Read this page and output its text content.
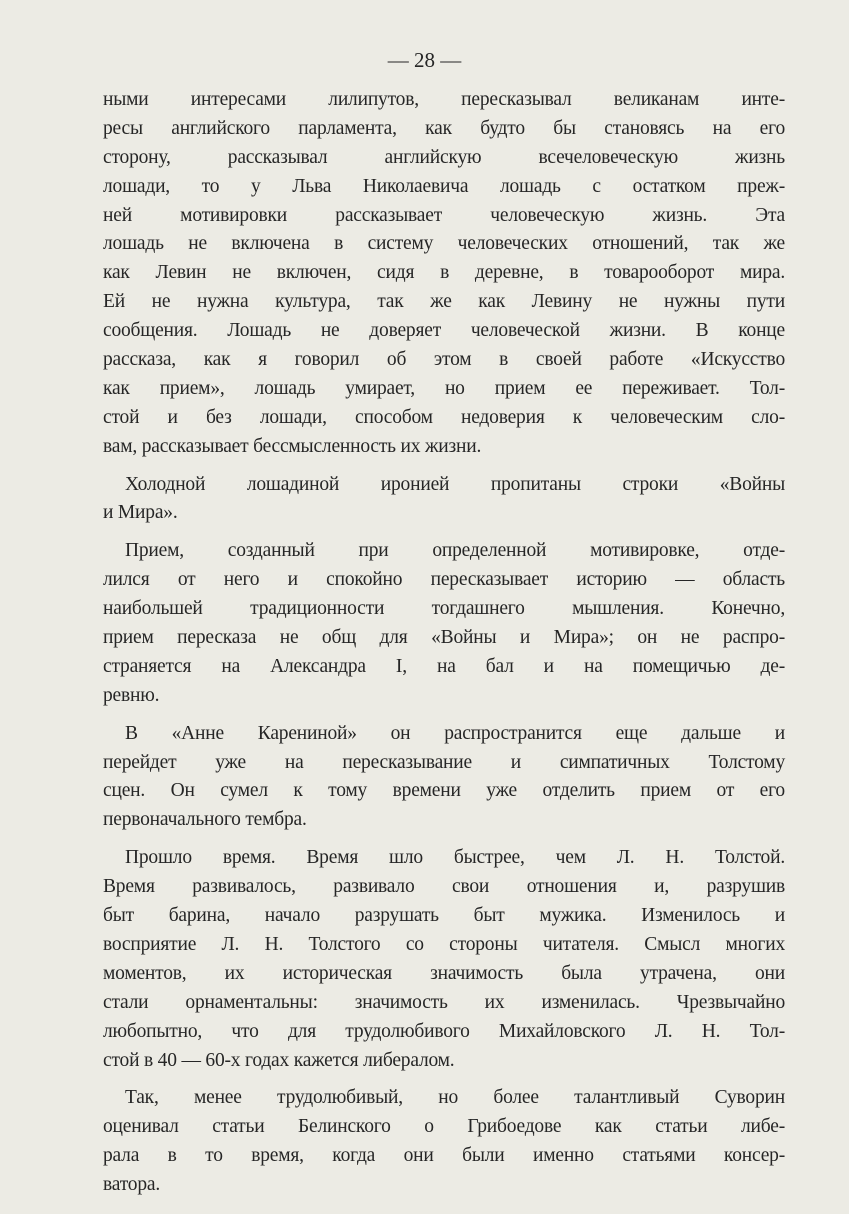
— 28 —
ными интересами лилипутов, пересказывал великанам инте-
ресы английского парламента, как будто бы становясь на его
сторону, рассказывал английскую всечеловеческую жизнь
лошади, то у Льва Николаевича лошадь с остатком преж-
ней мотивировки рассказывает человеческую жизнь. Эта
лошадь не включена в систему человеческих отношений, так же
как Левин не включен, сидя в деревне, в товарооборот мира.
Ей не нужна культура, так же как Левину не нужны пути
сообщения. Лошадь не доверяет человеческой жизни. В конце
рассказа, как я говорил об этом в своей работе «Искусство
как прием», лошадь умирает, но прием ее переживает. Тол-
стой и без лошади, способом недоверия к человеческим сло-
вам, рассказывает бессмысленность их жизни.
Холодной лошадиной иронией пропитаны строки «Войны
и Мира».
Прием, созданный при определенной мотивировке, отде-
лился от него и спокойно пересказывает историю — область
наибольшей традиционности тогдашнего мышления. Конечно,
прием пересказа не общ для «Войны и Мира»; он не распро-
страняется на Александра I, на бал и на помещичью де-
ревню.
В «Анне Карениной» он распространится еще дальше и
перейдет уже на пересказывание и симпатичных Толстому
сцен. Он сумел к тому времени уже отделить прием от его
первоначального тембра.
Прошло время. Время шло быстрее, чем Л. Н. Толстой.
Время развивалось, развивало свои отношения и, разрушив
быт барина, начало разрушать быт мужика. Изменилось и
восприятие Л. Н. Толстого со стороны читателя. Смысл многих
моментов, их историческая значимость была утрачена, они
стали орнаментальны: значимость их изменилась. Чрезвычайно
любопытно, что для трудолюбивого Михайловского Л. Н. Тол-
стой в 40 — 60-х годах кажется либералом.
Так, менее трудолюбивый, но более талантливый Суворин
оценивал статьи Белинского о Грибоедове как статьи либе-
рала в то время, когда они были именно статьями консер-
ватора.
